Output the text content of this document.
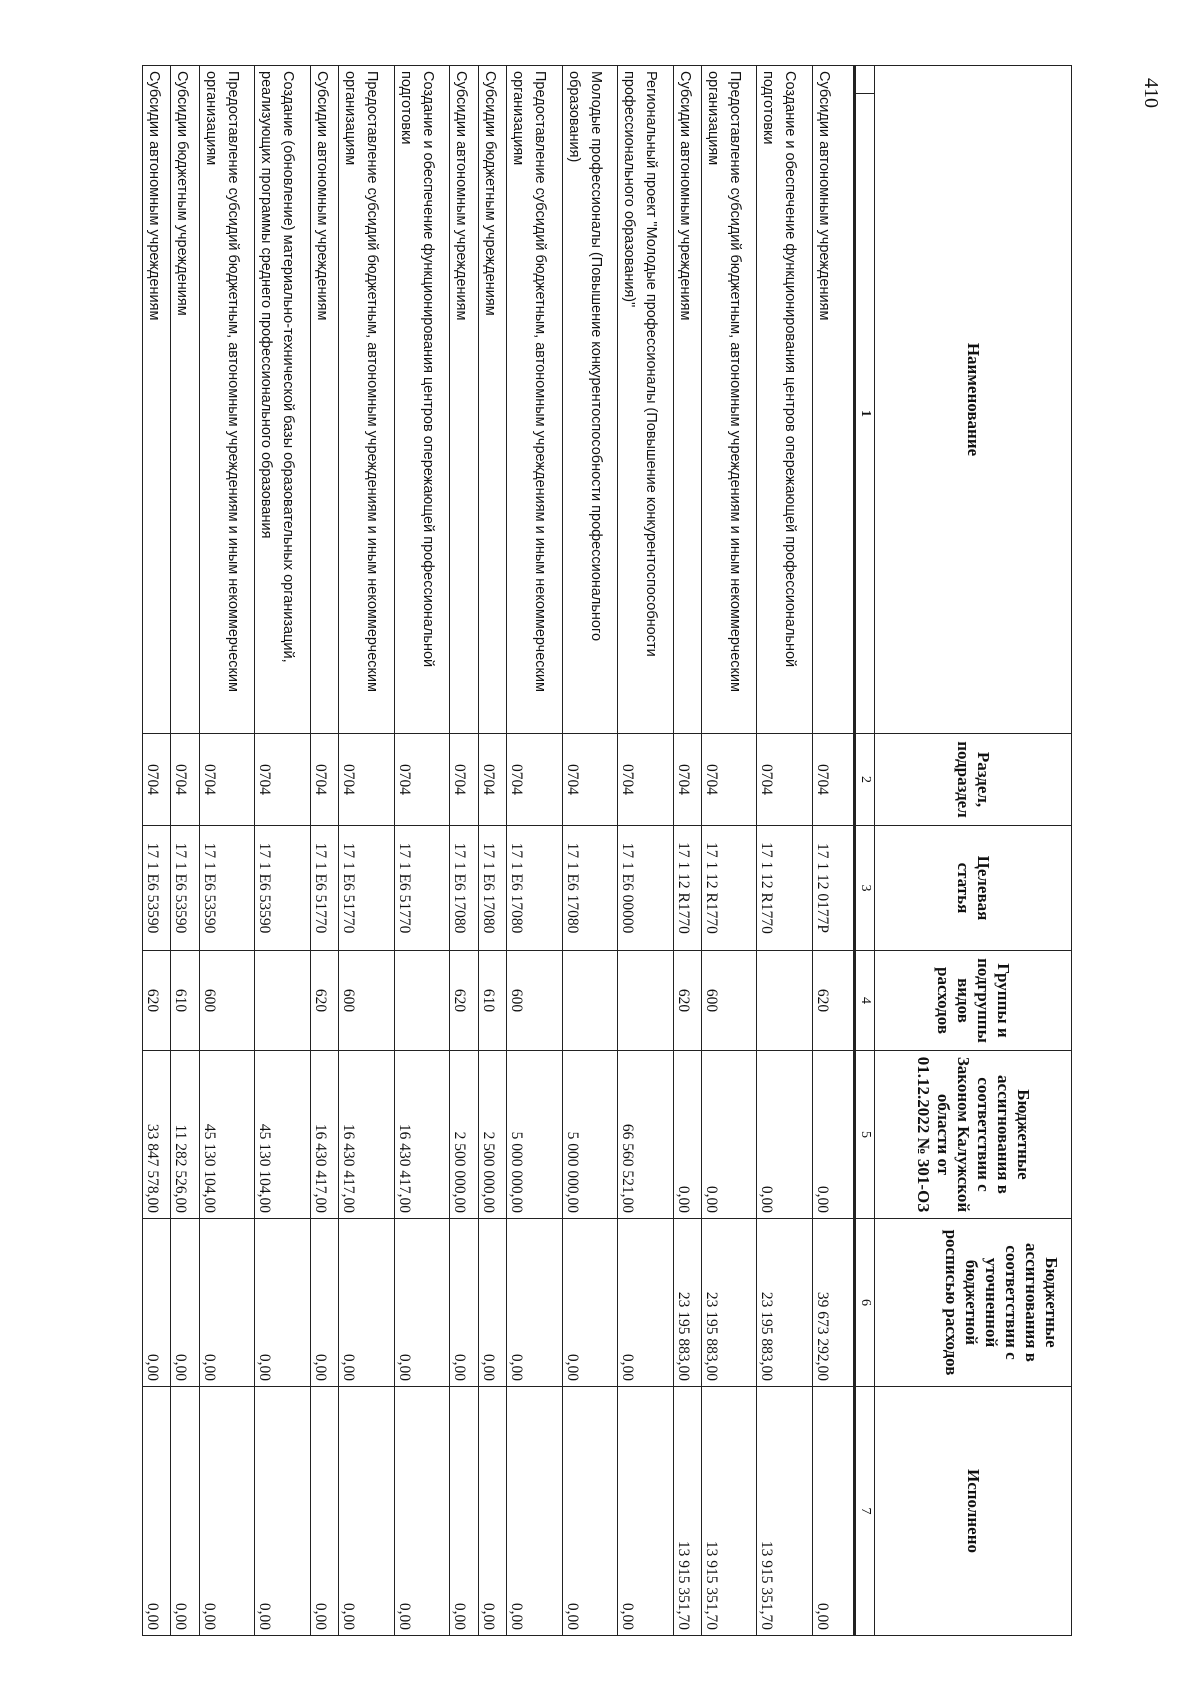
410
Наименование		Раздел, подраздел	Целевая статья	Группы и подгруппы видов расходов	Бюджетные ассигнования в соответствии с Законом Калужской области от 01.12.2022 № 301-ОЗ	Бюджетные ассигнования в соответствии с уточненной бюджетной росписью расходов	Исполнено
	1	2	3	4	5	6	7
Субсидии автономным учреждениям		0704	17 1 12 0177Р	620	0,00	39 673 292,00	0,00
Создание и обеспечение функционирования центров опережающей профессиональной подготовки		0704	17 1 12 R1770		0,00	23 195 883,00	13 915 351,70
Предоставление субсидий бюджетным, автономным учреждениям и иным некоммерческим организациям		0704	17 1 12 R1770	600	0,00	23 195 883,00	13 915 351,70
Субсидии автономным учреждениям		0704	17 1 12 R1770	620	0,00	23 195 883,00	13 915 351,70
Региональный проект "Молодые профессионалы (Повышение конкурентоспособности профессионального образования)"		0704	17 1 Е6 00000		66 560 521,00	0,00	0,00
Молодые профессионалы (Повышение конкурентоспособности профессионального образования)		0704	17 1 Е6 17080		5 000 000,00	0,00	0,00
Предоставление субсидий бюджетным, автономным учреждениям и иным некоммерческим организациям		0704	17 1 Е6 17080	600	5 000 000,00	0,00	0,00
Субсидии бюджетным учреждениям		0704	17 1 Е6 17080	610	2 500 000,00	0,00	0,00
Субсидии автономным учреждениям		0704	17 1 Е6 17080	620	2 500 000,00	0,00	0,00
Создание и обеспечение функционирования центров опережающей профессиональной подготовки		0704	17 1 Е6 51770		16 430 417,00	0,00	0,00
Предоставление субсидий бюджетным, автономным учреждениям и иным некоммерческим организациям		0704	17 1 Е6 51770	600	16 430 417,00	0,00	0,00
Субсидии автономным учреждениям		0704	17 1 Е6 51770	620	16 430 417,00	0,00	0,00
Создание (обновление) материально-технической базы образовательных организаций, реализующих программы среднего профессионального образования		0704	17 1 Е6 53590		45 130 104,00	0,00	0,00
Предоставление субсидий бюджетным, автономным учреждениям и иным некоммерческим организациям		0704	17 1 Е6 53590	600	45 130 104,00	0,00	0,00
Субсидии бюджетным учреждениям		0704	17 1 Е6 53590	610	11 282 526,00	0,00	0,00
Субсидии автономным учреждениям		0704	17 1 Е6 53590	620	33 847 578,00	0,00	0,00
